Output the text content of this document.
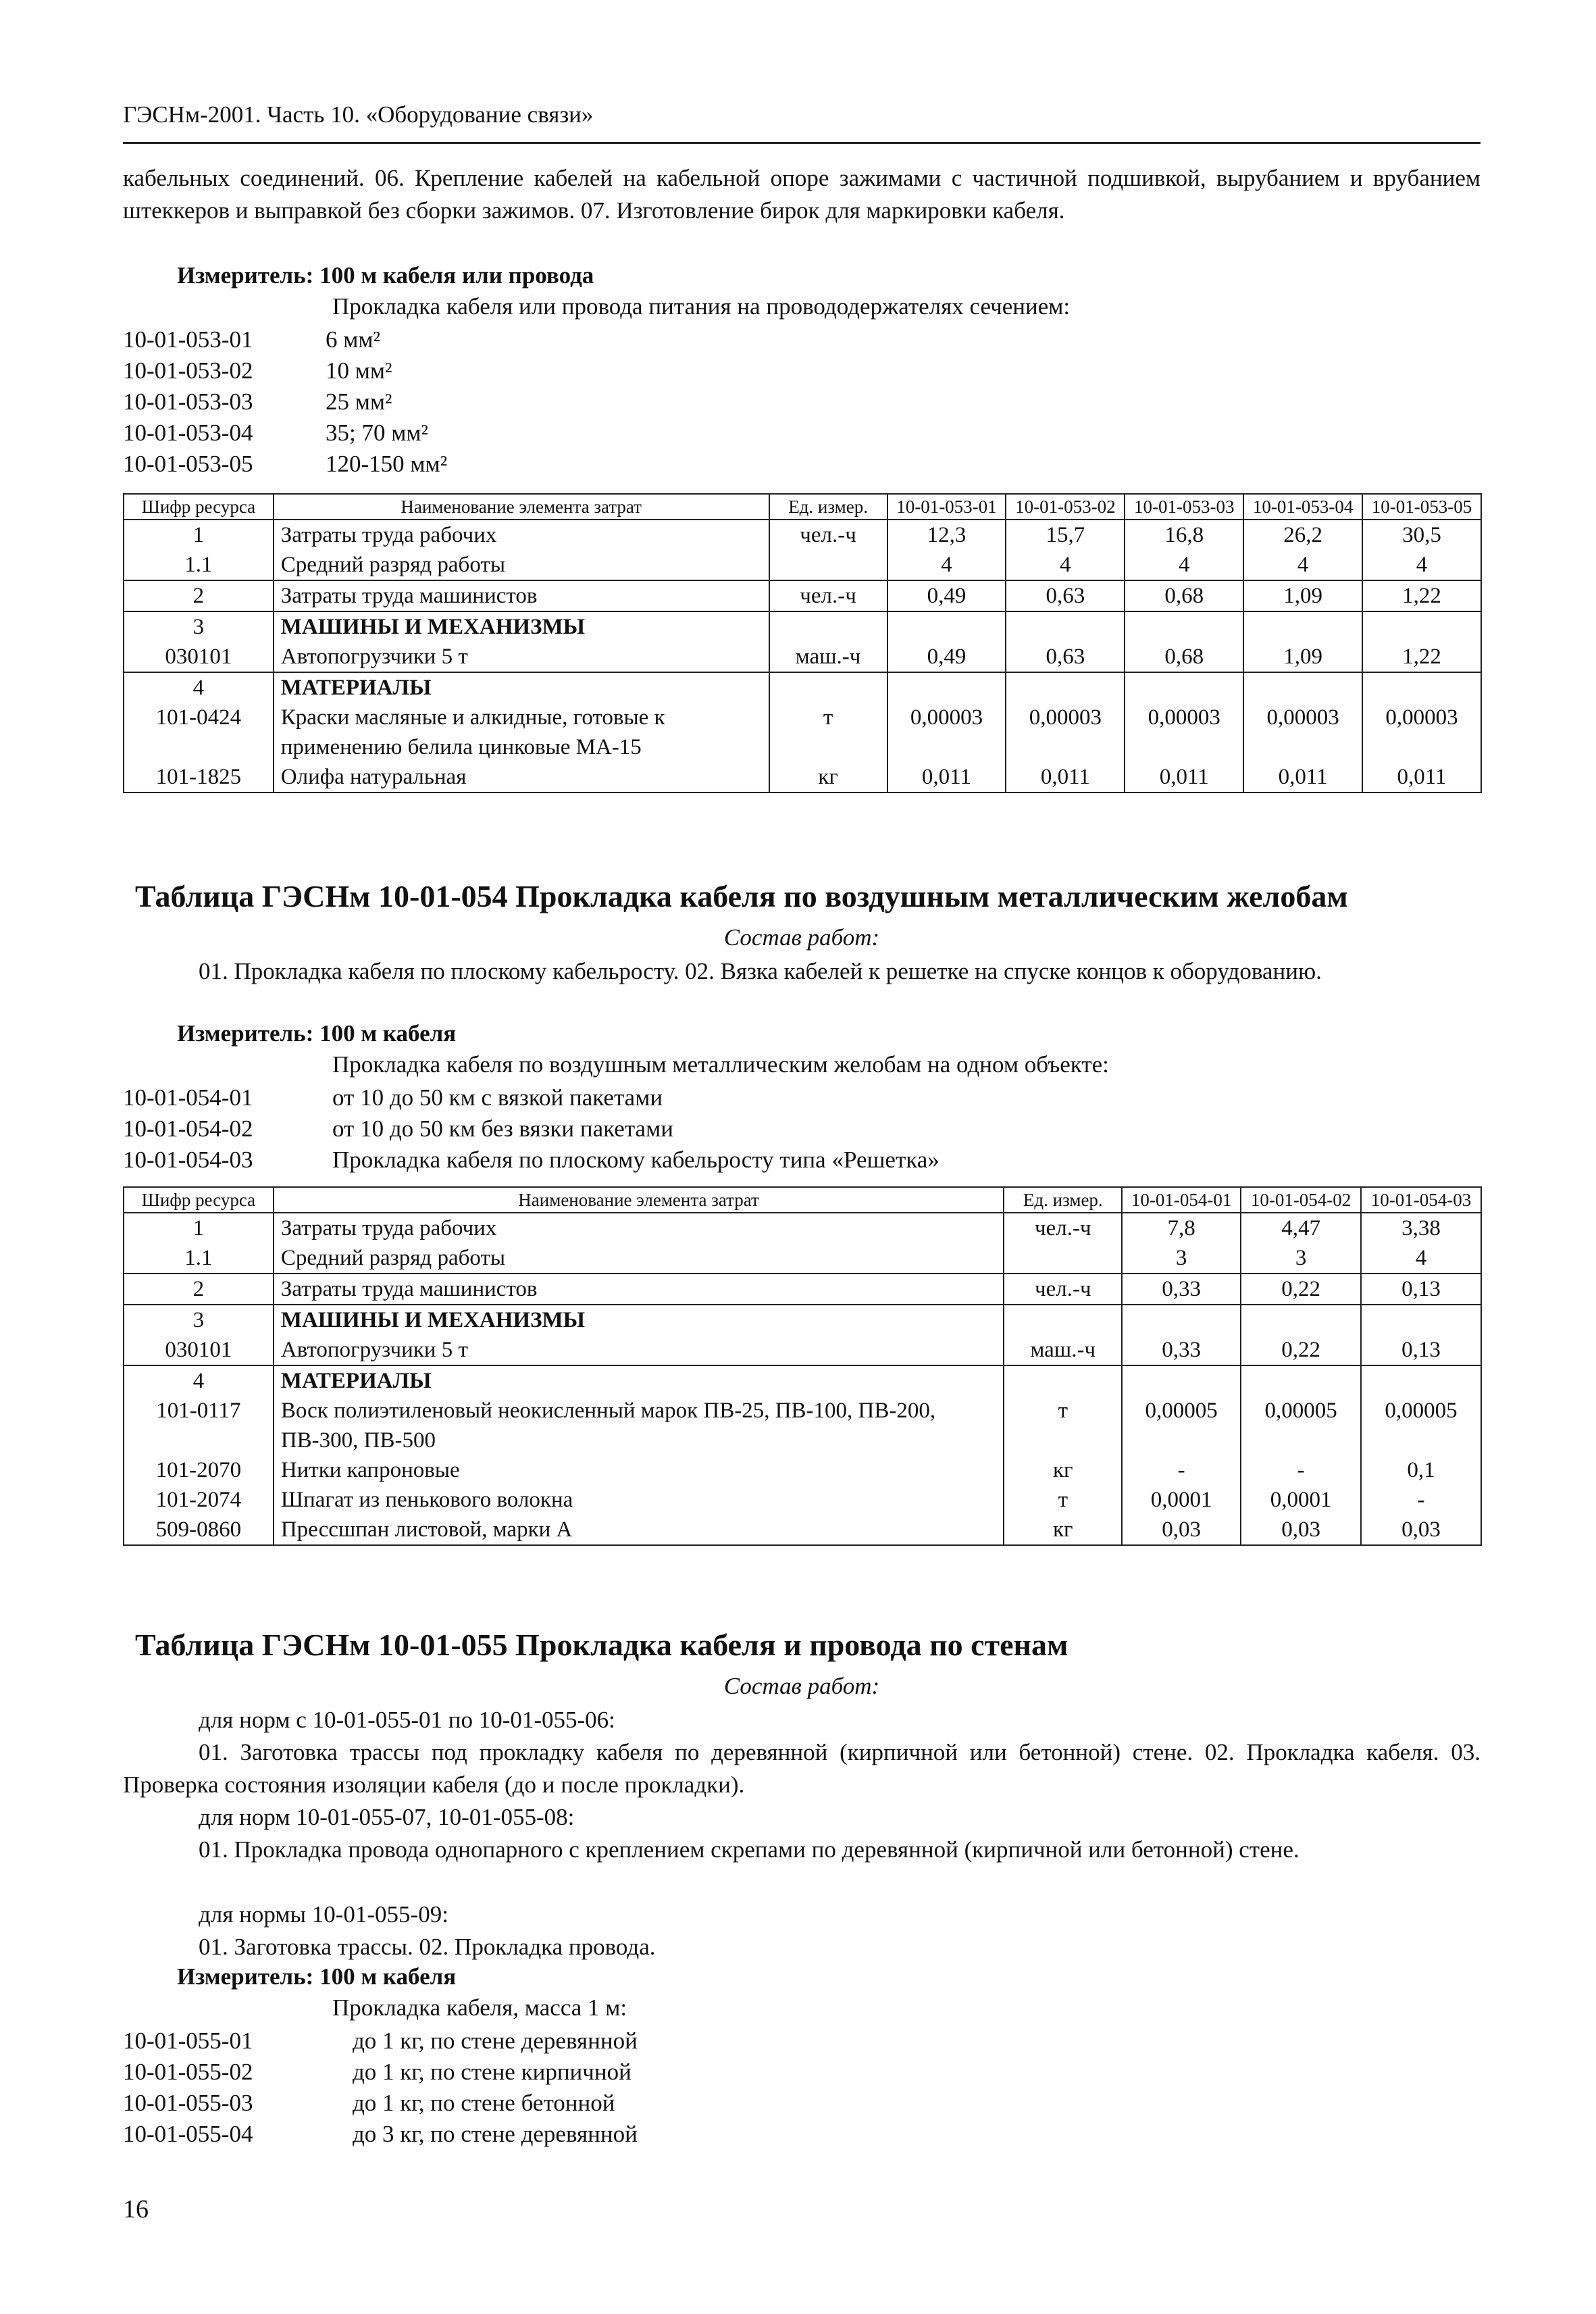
ГЭСНм-2001. Часть 10. «Оборудование связи»
кабельных соединений. 06. Крепление кабелей на кабельной опоре зажимами с частичной подшивкой, вырубанием и врубанием штеккеров и выправкой без сборки зажимов. 07. Изготовление бирок для маркировки кабеля.
Измеритель: 100 м кабеля или провода
Прокладка кабеля или провода питания на провододержателях сечением:
10-01-053-01	6 мм²
10-01-053-02	10 мм²
10-01-053-03	25 мм²
10-01-053-04	35; 70 мм²
10-01-053-05	120-150 мм²
Шифр ресурса	Наименование элемента затрат	Ед. измер.	10-01-053-01	10-01-053-02	10-01-053-03	10-01-053-04	10-01-053-05
1	Затраты труда рабочих	чел.-ч	12,3	15,7	16,8	26,2	30,5
1.1	Средний разряд работы		4	4	4	4	4
2	Затраты труда машинистов	чел.-ч	0,49	0,63	0,68	1,09	1,22
3	МАШИНЫ И МЕХАНИЗМЫ						
030101	Автопогрузчики 5 т	маш.-ч	0,49	0,63	0,68	1,09	1,22
4	МАТЕРИАЛЫ						
101-0424	Краски масляные и алкидные, готовые к применению белила цинковые МА-15	т	0,00003	0,00003	0,00003	0,00003	0,00003
101-1825	Олифа натуральная	кг	0,011	0,011	0,011	0,011	0,011
Таблица ГЭСНм 10-01-054 Прокладка кабеля по воздушным металлическим желобам
Состав работ:
01. Прокладка кабеля по плоскому кабельросту. 02. Вязка кабелей к решетке на спуске концов к оборудованию.
Измеритель: 100 м кабеля
Прокладка кабеля по воздушным металлическим желобам на одном объекте:
10-01-054-01	от 10 до 50 км с вязкой пакетами
10-01-054-02	от 10 до 50 км без вязки пакетами
10-01-054-03	Прокладка кабеля по плоскому кабельросту типа «Решетка»
Шифр ресурса	Наименование элемента затрат	Ед. измер.	10-01-054-01	10-01-054-02	10-01-054-03
1	Затраты труда рабочих	чел.-ч	7,8	4,47	3,38
1.1	Средний разряд работы		3	3	4
2	Затраты труда машинистов	чел.-ч	0,33	0,22	0,13
3	МАШИНЫ И МЕХАНИЗМЫ				
030101	Автопогрузчики 5 т	маш.-ч	0,33	0,22	0,13
4	МАТЕРИАЛЫ				
101-0117	Воск полиэтиленовый неокисленный марок ПВ-25, ПВ-100, ПВ-200, ПВ-300, ПВ-500	т	0,00005	0,00005	0,00005
101-2070	Нитки капроновые	кг	-	-	0,1
101-2074	Шпагат из пенькового волокна	т	0,0001	0,0001	-
509-0860	Прессшпан листовой, марки А	кг	0,03	0,03	0,03
Таблица ГЭСНм 10-01-055 Прокладка кабеля и провода по стенам
Состав работ:
для норм с 10-01-055-01 по 10-01-055-06:
01. Заготовка трассы под прокладку кабеля по деревянной (кирпичной или бетонной) стене. 02. Прокладка кабеля. 03. Проверка состояния изоляции кабеля (до и после прокладки).
для норм 10-01-055-07, 10-01-055-08:
01. Прокладка провода однопарного с креплением скрепами по деревянной (кирпичной или бетонной) стене.
для нормы 10-01-055-09:
01. Заготовка трассы. 02. Прокладка провода.
Измеритель: 100 м кабеля
Прокладка кабеля, масса 1 м:
10-01-055-01	до 1 кг, по стене деревянной
10-01-055-02	до 1 кг, по стене кирпичной
10-01-055-03	до 1 кг, по стене бетонной
10-01-055-04	до 3 кг, по стене деревянной
16
